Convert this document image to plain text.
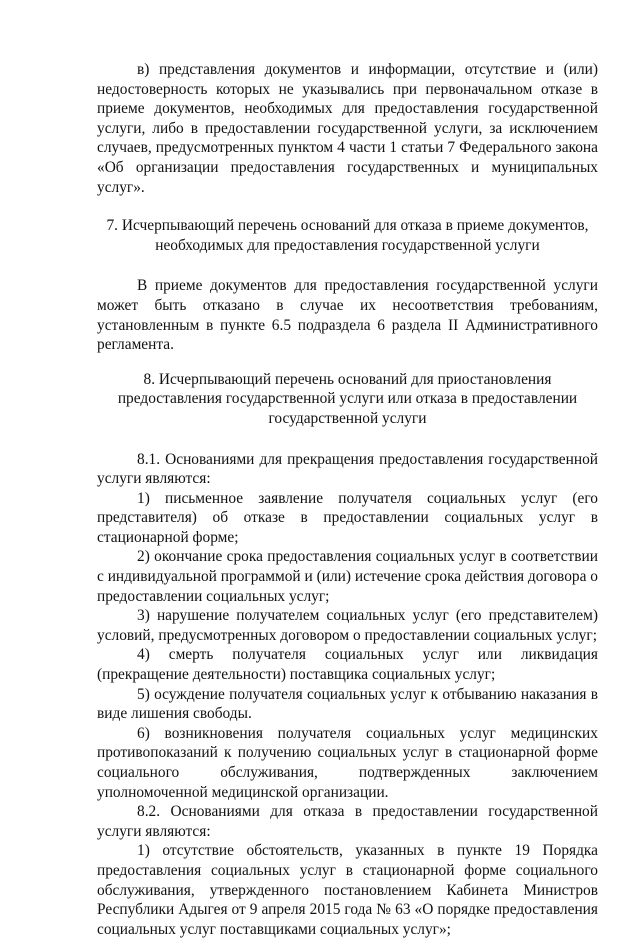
в) представления документов и информации, отсутствие и (или) недостоверность которых не указывались при первоначальном отказе в приеме документов, необходимых для предоставления государственной услуги, либо в предоставлении государственной услуги, за исключением случаев, предусмотренных пунктом 4 части 1 статьи 7 Федерального закона «Об организации предоставления государственных и муниципальных услуг».

7. Исчерпывающий перечень оснований для отказа в приеме документов, необходимых для предоставления государственной услуги

В приеме документов для предоставления государственной услуги может быть отказано в случае их несоответствия требованиям, установленным в пункте 6.5 подраздела 6 раздела II Административного регламента.

8. Исчерпывающий перечень оснований для приостановления предоставления государственной услуги или отказа в предоставлении государственной услуги

8.1. Основаниями для прекращения предоставления государственной услуги являются:

1) письменное заявление получателя социальных услуг (его представителя) об отказе в предоставлении социальных услуг в стационарной форме;

2) окончание срока предоставления социальных услуг в соответствии с индивидуальной программой и (или) истечение срока действия договора о предоставлении социальных услуг;

3) нарушение получателем социальных услуг (его представителем) условий, предусмотренных договором о предоставлении социальных услуг;

4) смерть получателя социальных услуг или ликвидация (прекращение деятельности) поставщика социальных услуг;

5) осуждение получателя социальных услуг к отбыванию наказания в виде лишения свободы.

6) возникновения получателя социальных услуг медицинских противопоказаний к получению социальных услуг в стационарной форме социального обслуживания, подтвержденных заключением уполномоченной медицинской организации.

8.2. Основаниями для отказа в предоставлении государственной услуги являются:

1) отсутствие обстоятельств, указанных в пункте 19 Порядка предоставления социальных услуг в стационарной форме социального обслуживания, утвержденного постановлением Кабинета Министров Республики Адыгея от 9 апреля 2015 года № 63 «О порядке предоставления социальных услуг поставщиками социальных услуг»;
